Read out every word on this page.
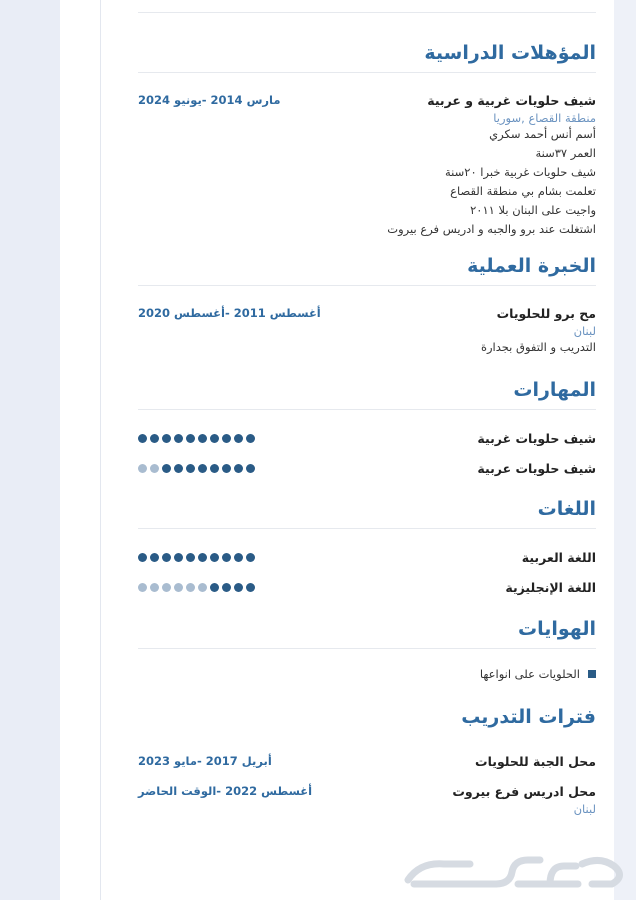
المؤهلات الدراسية
شيف حلويات غربية و عربية
مارس 2014 -يونيو 2024
منطقة القصاع ,سوريا
أسم أنس أحمد سكري
العمر ٣٧سنة
شيف حلويات غربية خبرا ٢٠سنة
تعلمت بشام بي منطقة القصاع
واجيت على البنان بلا ٢٠١١
اشتغلت عند برو والجبه و ادريس فرع بيروت
الخبرة العملية
مح برو للحلويات
أغسطس 2011 -أغسطس 2020
لبنان
التدريب و التفوق بجدارة
المهارات
شيف حلويات غربية
شيف حلويات عربية
اللغات
اللغة العربية
اللغة الإنجليزية
الهوايات
الحلويات على انواعها
فترات التدريب
محل الجبة للحلويات
أبريل 2017 -مايو 2023
محل ادريس فرع بيروت
أغسطس 2022 -الوقت الحاضر
لبنان
